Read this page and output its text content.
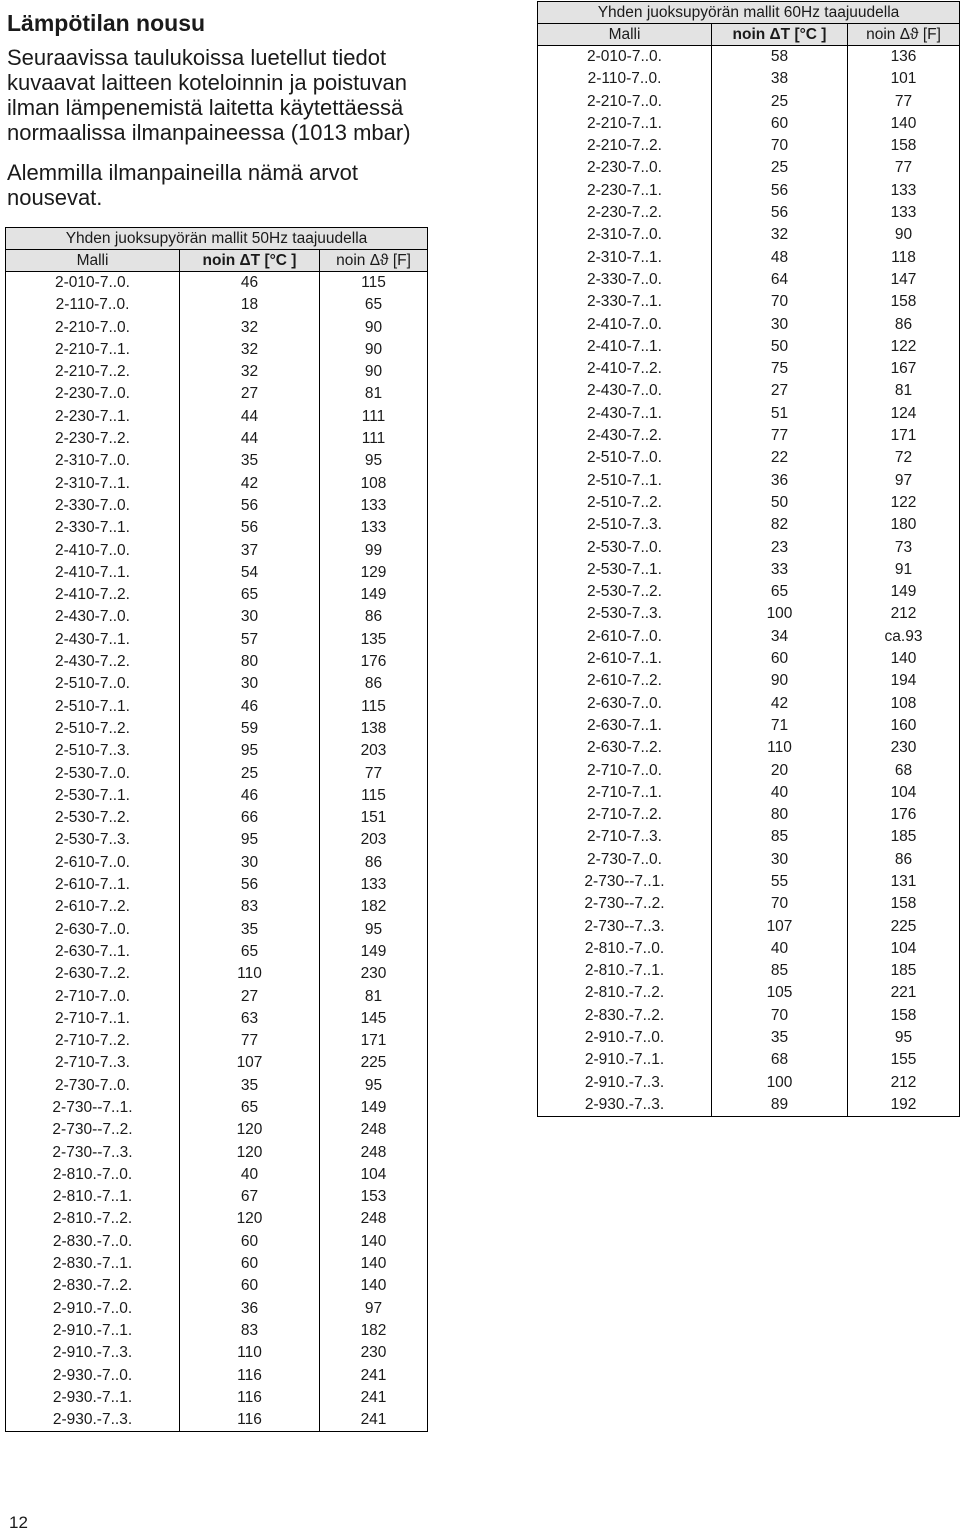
Lämpötilan nousu

Seuraavissa taulukoissa luetellut tiedot kuvaavat laitteen koteloinnin ja poistuvan ilman lämpenemistä laitetta käytettäessä normaalissa ilmanpaineessa (1013 mbar)

Alemmilla ilmanpaineilla nämä arvot nousevat.

Yhden juoksupyörän mallit 50Hz taajuudella		
Malli	noin ΔT [°C ]	noin Δϑ [F]
2-010-7..0.	46	115
2-110-7..0.	18	65
2-210-7..0.	32	90
2-210-7..1.	32	90
2-210-7..2.	32	90
2-230-7..0.	27	81
2-230-7..1.	44	111
2-230-7..2.	44	111
2-310-7..0.	35	95
2-310-7..1.	42	108
2-330-7..0.	56	133
2-330-7..1.	56	133
2-410-7..0.	37	99
2-410-7..1.	54	129
2-410-7..2.	65	149
2-430-7..0.	30	86
2-430-7..1.	57	135
2-430-7..2.	80	176
2-510-7..0.	30	86
2-510-7..1.	46	115
2-510-7..2.	59	138
2-510-7..3.	95	203
2-530-7..0.	25	77
2-530-7..1.	46	115
2-530-7..2.	66	151
2-530-7..3.	95	203
2-610-7..0.	30	86
2-610-7..1.	56	133
2-610-7..2.	83	182
2-630-7..0.	35	95
2-630-7..1.	65	149
2-630-7..2.	110	230
2-710-7..0.	27	81
2-710-7..1.	63	145
2-710-7..2.	77	171
2-710-7..3.	107	225
2-730-7..0.	35	95
2-730--7..1.	65	149
2-730--7..2.	120	248
2-730--7..3.	120	248
2-810.-7..0.	40	104
2-810.-7..1.	67	153
2-810.-7..2.	120	248
2-830.-7..0.	60	140
2-830.-7..1.	60	140
2-830.-7..2.	60	140
2-910.-7..0.	36	97
2-910.-7..1.	83	182
2-910.-7..3.	110	230
2-930.-7..0.	116	241
2-930.-7..1.	116	241
2-930.-7..3.	116	241
Yhden juoksupyörän mallit 60Hz taajuudella		
Malli	noin ΔT [°C ]	noin Δϑ [F]
2-010-7..0.	58	136
2-110-7..0.	38	101
2-210-7..0.	25	77
2-210-7..1.	60	140
2-210-7..2.	70	158
2-230-7..0.	25	77
2-230-7..1.	56	133
2-230-7..2.	56	133
2-310-7..0.	32	90
2-310-7..1.	48	118
2-330-7..0.	64	147
2-330-7..1.	70	158
2-410-7..0.	30	86
2-410-7..1.	50	122
2-410-7..2.	75	167
2-430-7..0.	27	81
2-430-7..1.	51	124
2-430-7..2.	77	171
2-510-7..0.	22	72
2-510-7..1.	36	97
2-510-7..2.	50	122
2-510-7..3.	82	180
2-530-7..0.	23	73
2-530-7..1.	33	91
2-530-7..2.	65	149
2-530-7..3.	100	212
2-610-7..0.	34	ca.93
2-610-7..1.	60	140
2-610-7..2.	90	194
2-630-7..0.	42	108
2-630-7..1.	71	160
2-630-7..2.	110	230
2-710-7..0.	20	68
2-710-7..1.	40	104
2-710-7..2.	80	176
2-710-7..3.	85	185
2-730-7..0.	30	86
2-730--7..1.	55	131
2-730--7..2.	70	158
2-730--7..3.	107	225
2-810.-7..0.	40	104
2-810.-7..1.	85	185
2-810.-7..2.	105	221
2-830.-7..2.	70	158
2-910.-7..0.	35	95
2-910.-7..1.	68	155
2-910.-7..3.	100	212
2-930.-7..3.	89	192
12
